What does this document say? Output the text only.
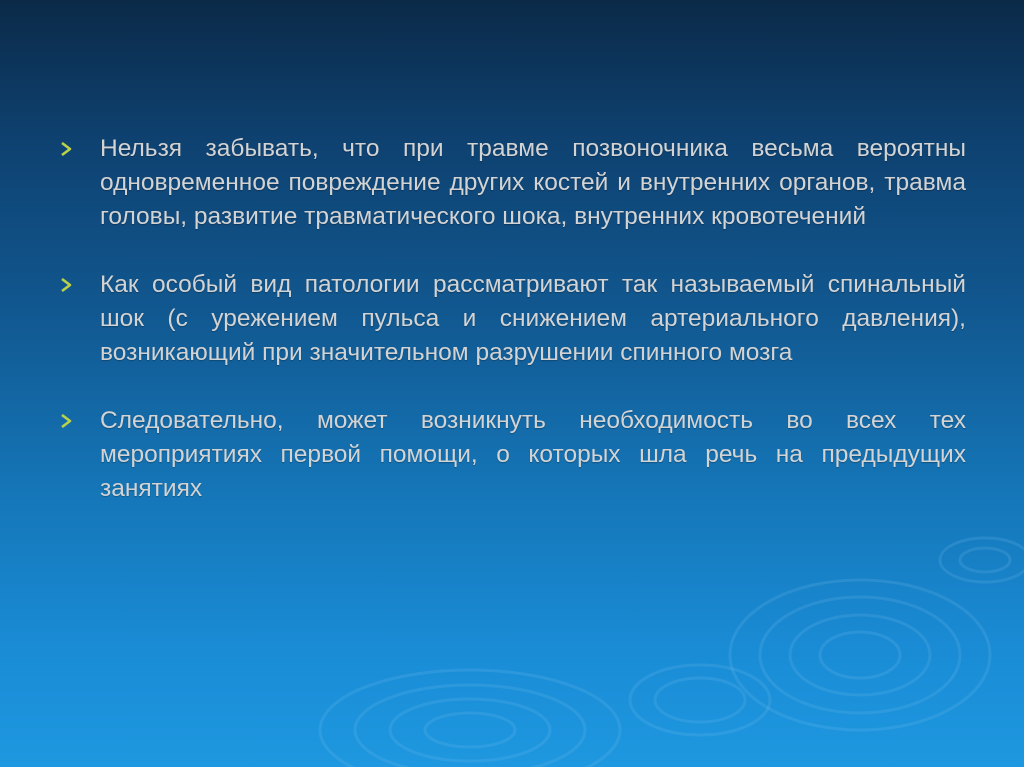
Нельзя забывать, что при травме позвоночника весьма вероятны одновременное повреждение других костей и внутренних органов, травма головы, развитие травматического шока, внутренних кровотечений
Как особый вид патологии рассматривают так называемый спинальный шок (с урежением пульса и снижением артериального давления), возникающий при значительном разрушении спинного мозга
Следовательно, может возникнуть необходимость во всех тех мероприятиях первой помощи, о которых шла речь на предыдущих занятиях
